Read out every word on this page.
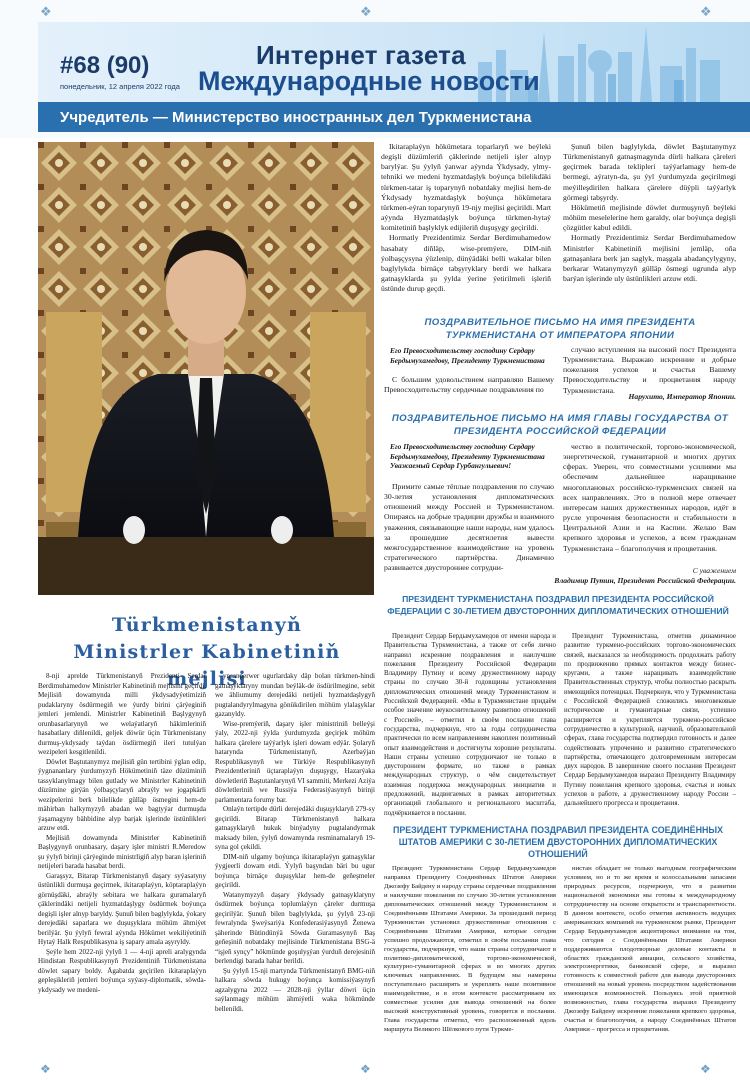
❖	❖	❖
#68 (90)
понедельник, 12 апреля 2022 года
Интернет газета
Международные новости
Учредитель — Министерство иностранных дел Туркменистана

Ikitaraplaýyn hökümetara toparlaryň we beýleki degişli düzümleriň çäklerinde netijeli işler alnyp barylýar. Şu ýylyň ýanwar aýynda Ýkdysady, ylmy-tehniki we medeni hyzmatdaşlyk boýunça bilelikdäki türkmen-tatar iş toparynyň nobatdaky mejlisi hem-de Ýkdysady hyzmatdaşlyk boýunça hökümetara türkmen-eýran toparynyň 19-njy mejlisi geçirildi. Mart aýynda Hyzmatdaşlyk boýunça türkmen-hytaý komitetiniň başlyklyk edijileriň duşuşygy geçirildi.

Hormatly Prezidentimiz Serdar Berdimuhamedow hasabaty diňläp, wise-premýere, DIM-niň ýolbaşçysyna ýüzlenip, dünýädäki belli wakalar bilen baglylykda birnäçe tabşyryklary berdi we halkara gatnaşyklarda şu ýylda ýerine ýetirilmeli işleriň üstünde durup geçdi.

Şunuň bilen baglylykda, döwlet Baştutanymyz Türkmenistanyň gatnaşmagynda dürli halkara çäreleri geçirmek barada teklipleri taýýarlamagy hem-de bermegi, aýratyn-da, şu ýyl ýurdumyzda geçirilmegi meýilleşdirilen halkara çärelere düýpli taýýarlyk görmegi tabşyrdy.

Hökümetiň mejlisinde döwlet durmuşynyň beýleki möhüm meselelerine hem garaldy, olar boýunça degişli çözgütler kabul edildi.

Hormatly Prezidentimiz Serdar Berdimuhamedow Ministrler Kabinetiniň mejlisini jemläp, oňa gatnaşanlara berk jan saglyk, maşgala abadançylygyny, berkarar Watanymyzyň gülläp ösmegi ugrunda alyp barýan işlerinde uly üstünlikleri arzuw etdi.

ПОЗДРАВИТЕЛЬНОЕ ПИСЬМО НА ИМЯ ПРЕЗИДЕНТА ТУРКМЕНИСТАНА ОТ ИМПЕРАТОРА ЯПОНИИ
Его Превосходительству господину Сердару Бердымухамедову, Президенту Туркменистана

С большим удовольствием направляю Вашему Превосходительству сердечные поздравления по

случаю вступления на высокий пост Президента Туркменистана. Выражаю искренние и добрые пожелания успехов и счастья Вашему Превосходительству и процветания народу Туркменистана.

Нарухито, Император Японии.
ПОЗДРАВИТЕЛЬНОЕ ПИСЬМО НА ИМЯ ГЛАВЫ ГОСУДАРСТВА ОТ ПРЕЗИДЕНТА РОССИЙСКОЙ ФЕДЕРАЦИИ
Его Превосходительству господину Сердару Бердымухамедову, Президенту Туркменистана Уважаемый Сердар Гурбангулыевич!

Примите самые тёплые поздравления по случаю 30-летия установления дипломатических отношений между Россией и Туркменистаном. Опираясь на добрые традиции дружбы и взаимного уважения, связывающие наши народы, нам удалось за прошедшие десятилетия вывести межгосударственное взаимодействие на уровень стратегического партнёрства. Динамично развивается двустороннее сотрудни-

чество в политической, торгово-экономической, энергетической, гуманитарной и многих других сферах. Уверен, что совместными усилиями мы обеспечим дальнейшее наращивание многоплановых российско-туркменских связей на всех направлениях. Это в полной мере отвечает интересам наших дружественных народов, идёт в русле упрочения безопасности и стабильности в Центральной Азии и на Каспии. Желаю Вам крепкого здоровья и успехов, а всем гражданам Туркменистана – благополучия и процветания.

С уважением
Владимир Путин, Президент Российской Федерации.
ПРЕЗИДЕНТ ТУРКМЕНИСТАНА ПОЗДРАВИЛ ПРЕЗИДЕНТА РОССИЙСКОЙ ФЕДЕРАЦИИ С 30-ЛЕТИЕМ ДВУСТОРОННИХ ДИПЛОМАТИЧЕСКИХ ОТНОШЕНИЙ

Президент Сердар Бердымухамедов от имени народа и Правительства Туркменистана, а также от себя лично направил искренние поздравления и наилучшие пожелания Президенту Российской Федерации Владимиру Путину и всему дружественному народу страны по случаю 30-й годовщины установления дипломатических отношений между Туркменистаном и Российской Федерацией. «Мы в Туркменистане придаём особое значение неукоснительному развитию отношений с Россией», – отметил в своём послании глава государства, подчеркнув, что за годы сотрудничества практически по всем направлениям накоплен позитивный опыт взаимодействия и достигнуты хорошие результаты. Наши страны успешно сотрудничают не только в двустороннем формате, но также в рамках международных структур, о чём свидетельствует взаимная поддержка международных инициатив и предложений, выдвигаемых в рамках авторитетных организаций глобального и регионального масштаба, подчёркивается в послании.

Президент Туркменистана, отметив динамичное развитие туркмено-российских торгово-экономических связей, высказался за необходимость продолжать работу по продвижению прямых контактов между бизнес-кругами, а также наращивать взаимодействие Правительственных структур, чтобы полностью раскрыть имеющийся потенциал. Подчеркнув, что у Туркменистана с Российской Федерацией сложились многовековые исторические и гуманитарные связи, успешно расширяется и укрепляется туркмено-российское сотрудничество в культурной, научной, образовательной сферах, глава государства подтвердил готовность и далее содействовать упрочению и развитию стратегического партнёрства, отвечающего долговременным интересам двух народов. В завершение своего послания Президент Сердар Бердымухамедов выразил Президенту Владимиру Путину пожелания крепкого здоровья, счастья и новых успехов в работе, а дружественному народу России – дальнейшего прогресса и процветания.

ПРЕЗИДЕНТ ТУРКМЕНИСТАНА ПОЗДРАВИЛ ПРЕЗИДЕНТА СОЕДИНЁННЫХ ШТАТОВ АМЕРИКИ С 30-ЛЕТИЕМ ДВУСТОРОННИХ ДИПЛОМАТИЧЕСКИХ ОТНОШЕНИЙ

Президент Туркменистана Сердар Бердымухамедов направил Президенту Соединённых Штатов Америки Джозефу Байдену и народу страны сердечные поздравления и наилучшие пожелания по случаю 30-летия установления дипломатических отношений между Туркменистаном и Соединёнными Штатами Америки. За прошедший период Туркменистан установил дружественные отношения с Соединёнными Штатами Америки, которые сегодня успешно продолжаются, отметил в своём послании глава государства, подчеркнув, что наши страны сотрудничают в политико-дипломатической, торгово-экономической, культурно-гуманитарной сферах и во многих других ключевых направлениях. В будущем мы намерены поступательно расширять и укреплять наше позитивное взаимодействие, и в этом контексте рассматриваем их совместные усилия для вывода отношений на более высокий конструктивный уровень, говорится в послании. Глава государства отметил, что расположенный вдоль маршрута Великого Шёлкового пути Туркме-

нистан обладает не только выгодным географическим условием, но и то же время и колоссальными запасами природных ресурсов, подчеркнув, что в развитии национальной экономики мы готовы к международному сотрудничеству на основе открытости и транспарентности. В данном контексте, особо отметив активность ведущих американских компаний на туркменском рынке, Президент Сердар Бердымухамедов акцентировал внимание на том, что сегодня с Соединёнными Штатами Америки поддерживаются плодотворные деловые контакты в областях гражданской авиации, сельского хозяйства, электроэнергетики, банковской сфере, и выразил готовность к совместной работе для вывода двусторонних отношений на новый уровень посредством задействования имеющихся возможностей. Пользуясь этой приятной возможностью, глава государства выразил Президенту Джозефу Байдену искренние пожелания крепкого здоровья, счастья и благополучия, а народу Соединённых Штатов Америки – прогресса и процветания.

Türkmenistanyň Ministrler Kabinetiniň mejlisi

8-nji aprelde Türkmenistanyň Prezidenti Serdar Berdimuhamedow Ministrler Kabinetiniň mejlisini geçirdi. Mejlisiň dowamynda milli ýkdysadyýetimiziň pudaklaryny ösdürmegiň we ýurdy birini çärýeginiň jemleri jemlendi. Ministrler Kabinetiniň Başlygynyň orunbasarlarynyň we welaýatlaryň häkimleriniň hasabatlary diňlenildi, geljek döwür üçin Türkmenistany durmuş-ykdysady taýdan ösdürmegiň ileri tutulýan wezipeleri kesgitlenildi.

Döwlet Baştutanymyz mejlisiň gün tertibini ýglan edip, ýygnananlary ýurdumyzyň Hökümetiniň täze düzüminiň tassyklanylmagy bilen gutlady we Ministrler Kabinetiniň düzümine girýän ýolbaşçylaryň abraýly we jogapkärli wezipelerini berk bilelikde gülläp ösmegini hem-de mähirban halkymyzyň abadan we bagtyýar durmuşda ýaşamagyny bähbidine alyp barjak işlerinde üstünlikleri arzuw etdi.

Mejlisiň dowamynda Ministrler Kabinetiniň Başlygynyň orunbasary, daşary işler ministri R.Meredow şu ýylyň birinji çärýeginde ministrligiň alyp baran işleriniň netijeleri barada hasabat berdi.

Garaşsyz, Bitarap Türkmenistanyň daşary syýasatyny üstünlikli durmuşa geçirmek, ikitaraplaýyn, köptaraplaýyn görnüşdäki, abraýly sebitara we halkara guramalaryň çäklerindäki netijeli hyzmatdaşlygy ösdürmek boýunça degişli işler alnyp baryldy. Şunuň bilen baglylykda, ýokary derejedäki saparlara we duşuşyklara möhüm ähmiýet berilýär. Şu ýylyň fewral aýynda Hökümet wekiliýetiniň Hytaý Halk Respublikasyna iş sapary amala aşyryldy.

Şeýle hem 2022-nji ýylyň 1 — 4-nji apreli aralygynda Hindistan Respublikasynyň Prezidentiniň Türkmenistana döwlet sapary boldy. Ägabatda geçirilen ikitaraplaýyn gepleşikleriň jemleri boýunça syýasy-diplomatik, söwda-ykdysady we medeni-

ynsanperwer ugurlardaky däp bolan türkmen-hindi gatnaşyklaryny mundan beýläk-de ösdürilmegine, sebit we ähliumumy derejedäki netijeli hyzmatdaşlygyň pugtalandyrylmagyna gönükdirilen möhüm ylalaşyklar gazanyldy.

Wise-premýeriň, daşary işler ministriniň belleýşi ýaly, 2022-nji ýylda ýurdumyzda geçirjek möhüm halkara çärelere taýýarlyk işleri dowam edýär. Şolaryň hatarynda Türkmenistanyň, Azerbaýjan Respublikasynyň we Türkiýe Respublikasynyň Prezidentleriniň üçtaraplaýyn duşuşygy, Hazarýaka döwletleriň Baştutanlarynyň VI sammiti, Merkezi Aziýa döwletleriniň we Russiýa Federasiýasynyň birinji parlamentara forumy bar.

Onlaýn tertipde dürli derejedäki duşuşyklaryň 279-sy geçirildi. Bitarap Türkmenistanyň halkara gatnaşyklaryň hukuk binýadyny pugtalandyrmak maksady bilen, ýylyň dowamynda resminamalaryň 19-syna gol çekildi.

DIM-niň ulgamy boýunça ikitaraplaýyn gatnaşyklar ýygjeerli dowam etdi. Ýylyň başyndan bäri bu ugur boýunça birnäçe duşuşyklar hem-de geňeşmeler geçirildi.

Watanymyzyň daşary ýkdysady gatnaşyklaryny ösdürmek boýunça toplumlaýyn çäreler durmuşa geçirilýär. Şunuň bilen baglylykda, şu ýylyň 23-nji fewralynda Şweýsariýa Konfederasiýasynyň Ženewa şäherinde Bütindünýä Söwda Guramasynyň Baş geňeşiniň nobatdaky mejlisinde Türkmenistana BSG-ä “işjeň synçy” hökmünde goşulyşýan ýurduň derejesiniň berlendigi barada habar berildi.

Şu ýylyň 15-nji martynda Türkmenistanyň BMG-niň halkara söwda hukugy boýunça komissiýasynyň agzalygyna 2022 — 2028-nji ýyllar döwri üçin saýlanmagy möhüm ähmiýetli waka hökmünde bellenildi.

❖	❖	❖
